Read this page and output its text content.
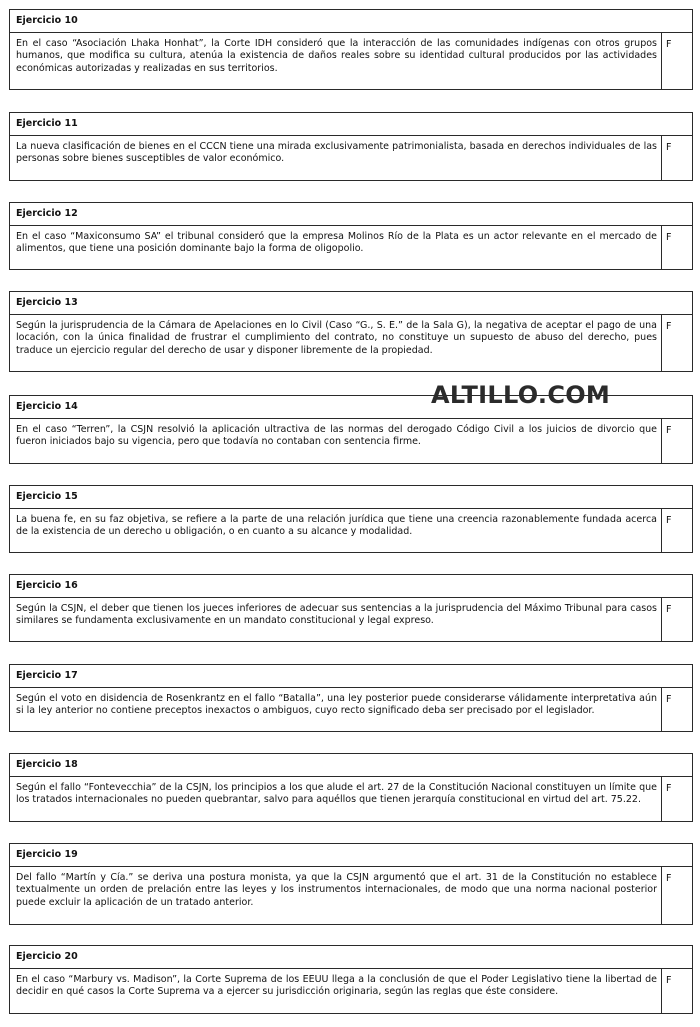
Ejercicio 10
En el caso “Asociación Lhaka Honhat”, la Corte IDH consideró que la interacción de las comunidades indígenas con otros grupos humanos, que modifica su cultura, atenúa la existencia de daños reales sobre su identidad cultural producidos por las actividades económicas autorizadas y realizadas en sus territorios.
F
Ejercicio 11
La nueva clasificación de bienes en el CCCN tiene una mirada exclusivamente patrimonialista, basada en derechos individuales de las personas sobre bienes susceptibles de valor económico.
F
Ejercicio 12
En el caso “Maxiconsumo SA” el tribunal consideró que la empresa Molinos Río de la Plata es un actor relevante en el mercado de alimentos, que tiene una posición dominante bajo la forma de oligopolio.
F
Ejercicio 13
Según la jurisprudencia de la Cámara de Apelaciones en lo Civil (Caso “G., S. E.” de la Sala G), la negativa de aceptar el pago de una locación, con la única finalidad de frustrar el cumplimiento del contrato, no constituye un supuesto de abuso del derecho, pues traduce un ejercicio regular del derecho de usar y disponer libremente de la propiedad.
F
ALTILLO.COM
Ejercicio 14
En el caso “Terren”, la CSJN resolvió la aplicación ultractiva de las normas del derogado Código Civil a los juicios de divorcio que fueron iniciados bajo su vigencia, pero que todavía no contaban con sentencia firme.
F
Ejercicio 15
La buena fe, en su faz objetiva, se refiere a la parte de una relación jurídica que tiene una creencia razonablemente fundada acerca de la existencia de un derecho u obligación, o en cuanto a su alcance y modalidad.
F
Ejercicio 16
Según la CSJN, el deber que tienen los jueces inferiores de adecuar sus sentencias a la jurisprudencia del Máximo Tribunal para casos similares se fundamenta exclusivamente en un mandato constitucional y legal expreso.
F
Ejercicio 17
Según el voto en disidencia de Rosenkrantz en el fallo “Batalla”, una ley posterior puede considerarse válidamente interpretativa aún si la ley anterior no contiene preceptos inexactos o ambiguos, cuyo recto significado deba ser precisado por el legislador.
F
Ejercicio 18
Según el fallo “Fontevecchia” de la CSJN, los principios a los que alude el art. 27 de la Constitución Nacional constituyen un límite que los tratados internacionales no pueden quebrantar, salvo para aquéllos que tienen jerarquía constitucional en virtud del art. 75.22.
F
Ejercicio 19
Del fallo “Martín y Cía.” se deriva una postura monista, ya que la CSJN argumentó que el art. 31 de la Constitución no establece textualmente un orden de prelación entre las leyes y los instrumentos internacionales, de modo que una norma nacional posterior puede excluir la aplicación de un tratado anterior.
F
Ejercicio 20
En el caso “Marbury vs. Madison”, la Corte Suprema de los EEUU llega a la conclusión de que el Poder Legislativo tiene la libertad de decidir en qué casos la Corte Suprema va a ejercer su jurisdicción originaria, según las reglas que éste considere.
F
